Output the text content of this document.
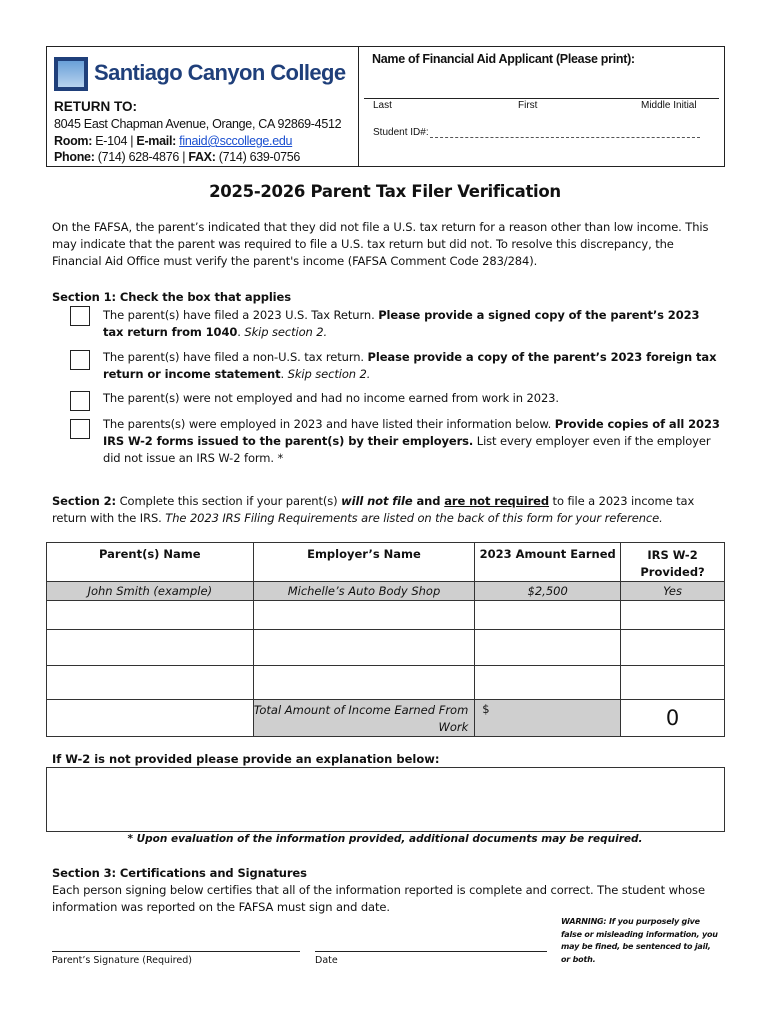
Santiago Canyon College
RETURN TO:
8045 East Chapman Avenue, Orange, CA 92869-4512
Room: E-104 | E-mail: finaid@sccollege.edu
Phone: (714) 628-4876 | FAX: (714) 639-0756
Name of Financial Aid Applicant (Please print):
Last	First	Middle Initial
Student ID#:
2025-2026 Parent Tax Filer Verification
On the FAFSA, the parent’s indicated that they did not file a U.S. tax return for a reason other than low income. This may indicate that the parent was required to file a U.S. tax return but did not. To resolve this discrepancy, the Financial Aid Office must verify the parent's income (FAFSA Comment Code 283/284).
Section 1: Check the box that applies
The parent(s) have filed a 2023 U.S. Tax Return. Please provide a signed copy of the parent’s 2023 tax return from 1040. Skip section 2.
The parent(s) have filed a non-U.S. tax return. Please provide a copy of the parent’s 2023 foreign tax return or income statement. Skip section 2.
The parent(s) were not employed and had no income earned from work in 2023.
The parents(s) were employed in 2023 and have listed their information below. Provide copies of all 2023 IRS W-2 forms issued to the parent(s) by their employers. List every employer even if the employer did not issue an IRS W-2 form. *
Section 2: Complete this section if your parent(s) will not file and are not required to file a 2023 income tax return with the IRS. The 2023 IRS Filing Requirements are listed on the back of this form for your reference.
Parent(s) Name	Employer’s Name	2023 Amount Earned	IRS W-2 Provided?
John Smith (example)	Michelle’s Auto Body Shop	$2,500	Yes

	Total Amount of Income Earned From Work	$	0
If W-2 is not provided please provide an explanation below:
* Upon evaluation of the information provided, additional documents may be required.
Section 3: Certifications and Signatures
Each person signing below certifies that all of the information reported is complete and correct. The student whose information was reported on the FAFSA must sign and date.
WARNING: If you purposely give false or misleading information, you may be fined, be sentenced to jail, or both.
Parent’s Signature (Required)	Date
